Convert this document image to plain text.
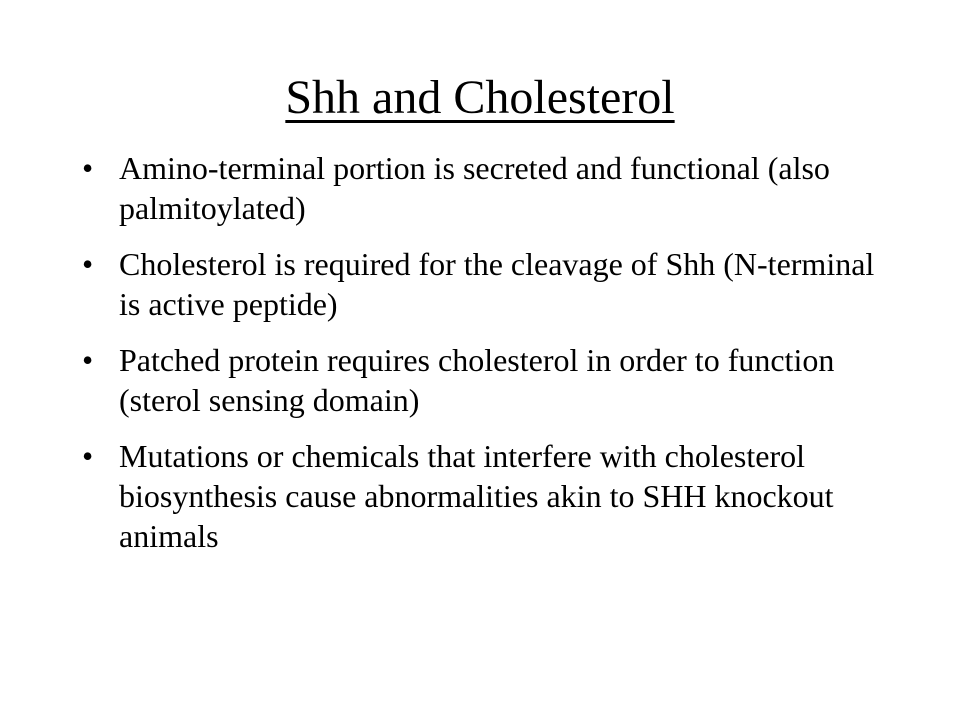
Shh and Cholesterol
• Amino-terminal portion is secreted and functional (also palmitoylated)
• Cholesterol is required for the cleavage of Shh (N-terminal is active peptide)
• Patched protein requires cholesterol in order to function (sterol sensing domain)
• Mutations or chemicals that interfere with cholesterol biosynthesis cause abnormalities akin to SHH knockout animals
